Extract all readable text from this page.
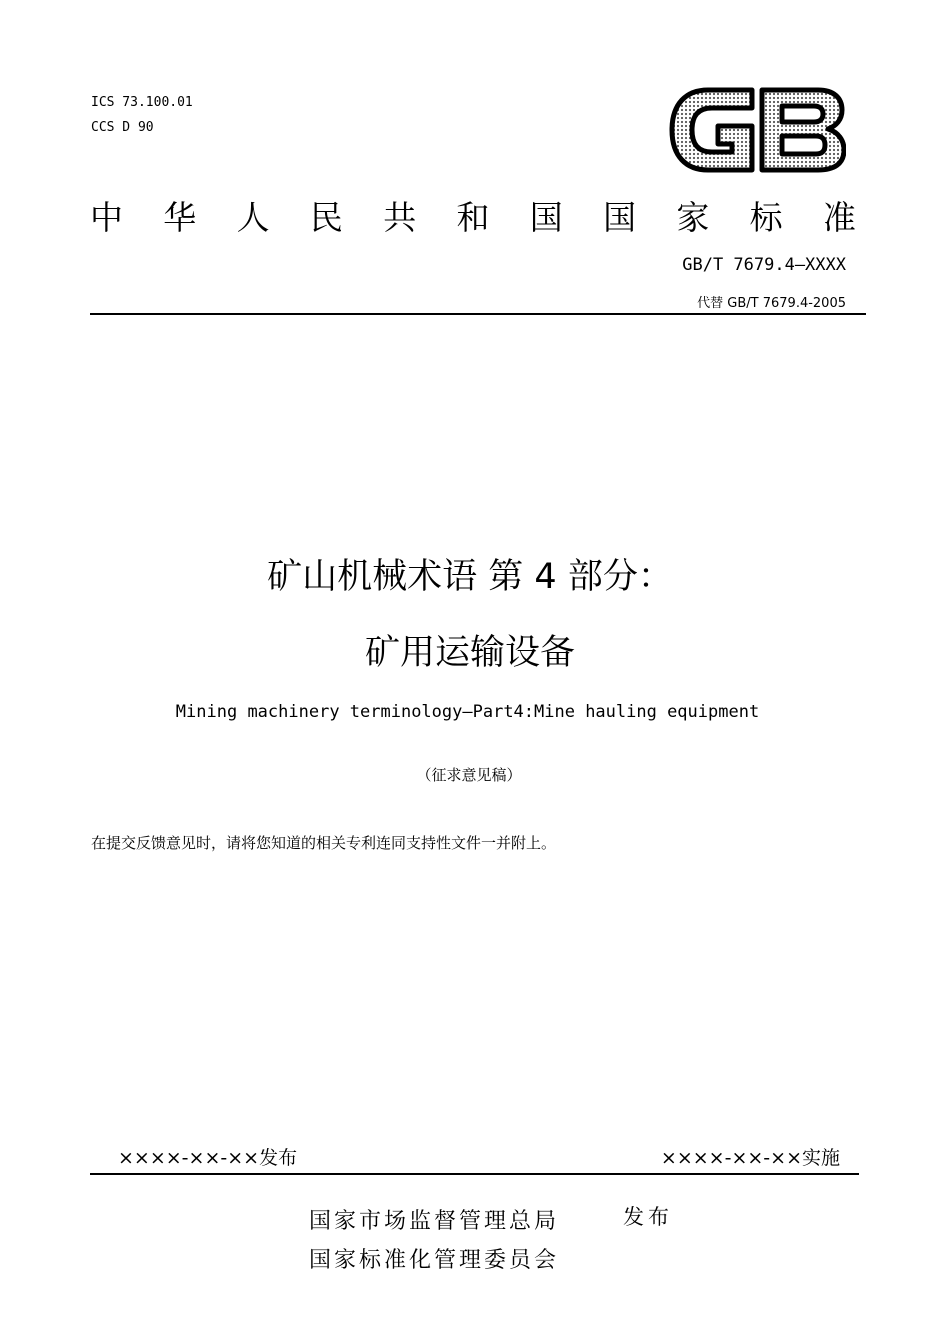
ICS 73.100.01
CCS D 90
中 华 人 民 共 和 国 国 家 标 准
GB/T 7679.4—XXXX
代替 GB/T 7679.4-2005
矿山机械术语 第 4 部分：
矿用运输设备
Mining machinery terminology—Part4:Mine hauling equipment
（征求意见稿）
在提交反馈意见时，请将您知道的相关专利连同支持性文件一并附上。
××××-××-××发布	××××-××-××实施
国家市场监督管理总局
国家标准化管理委员会
发布
